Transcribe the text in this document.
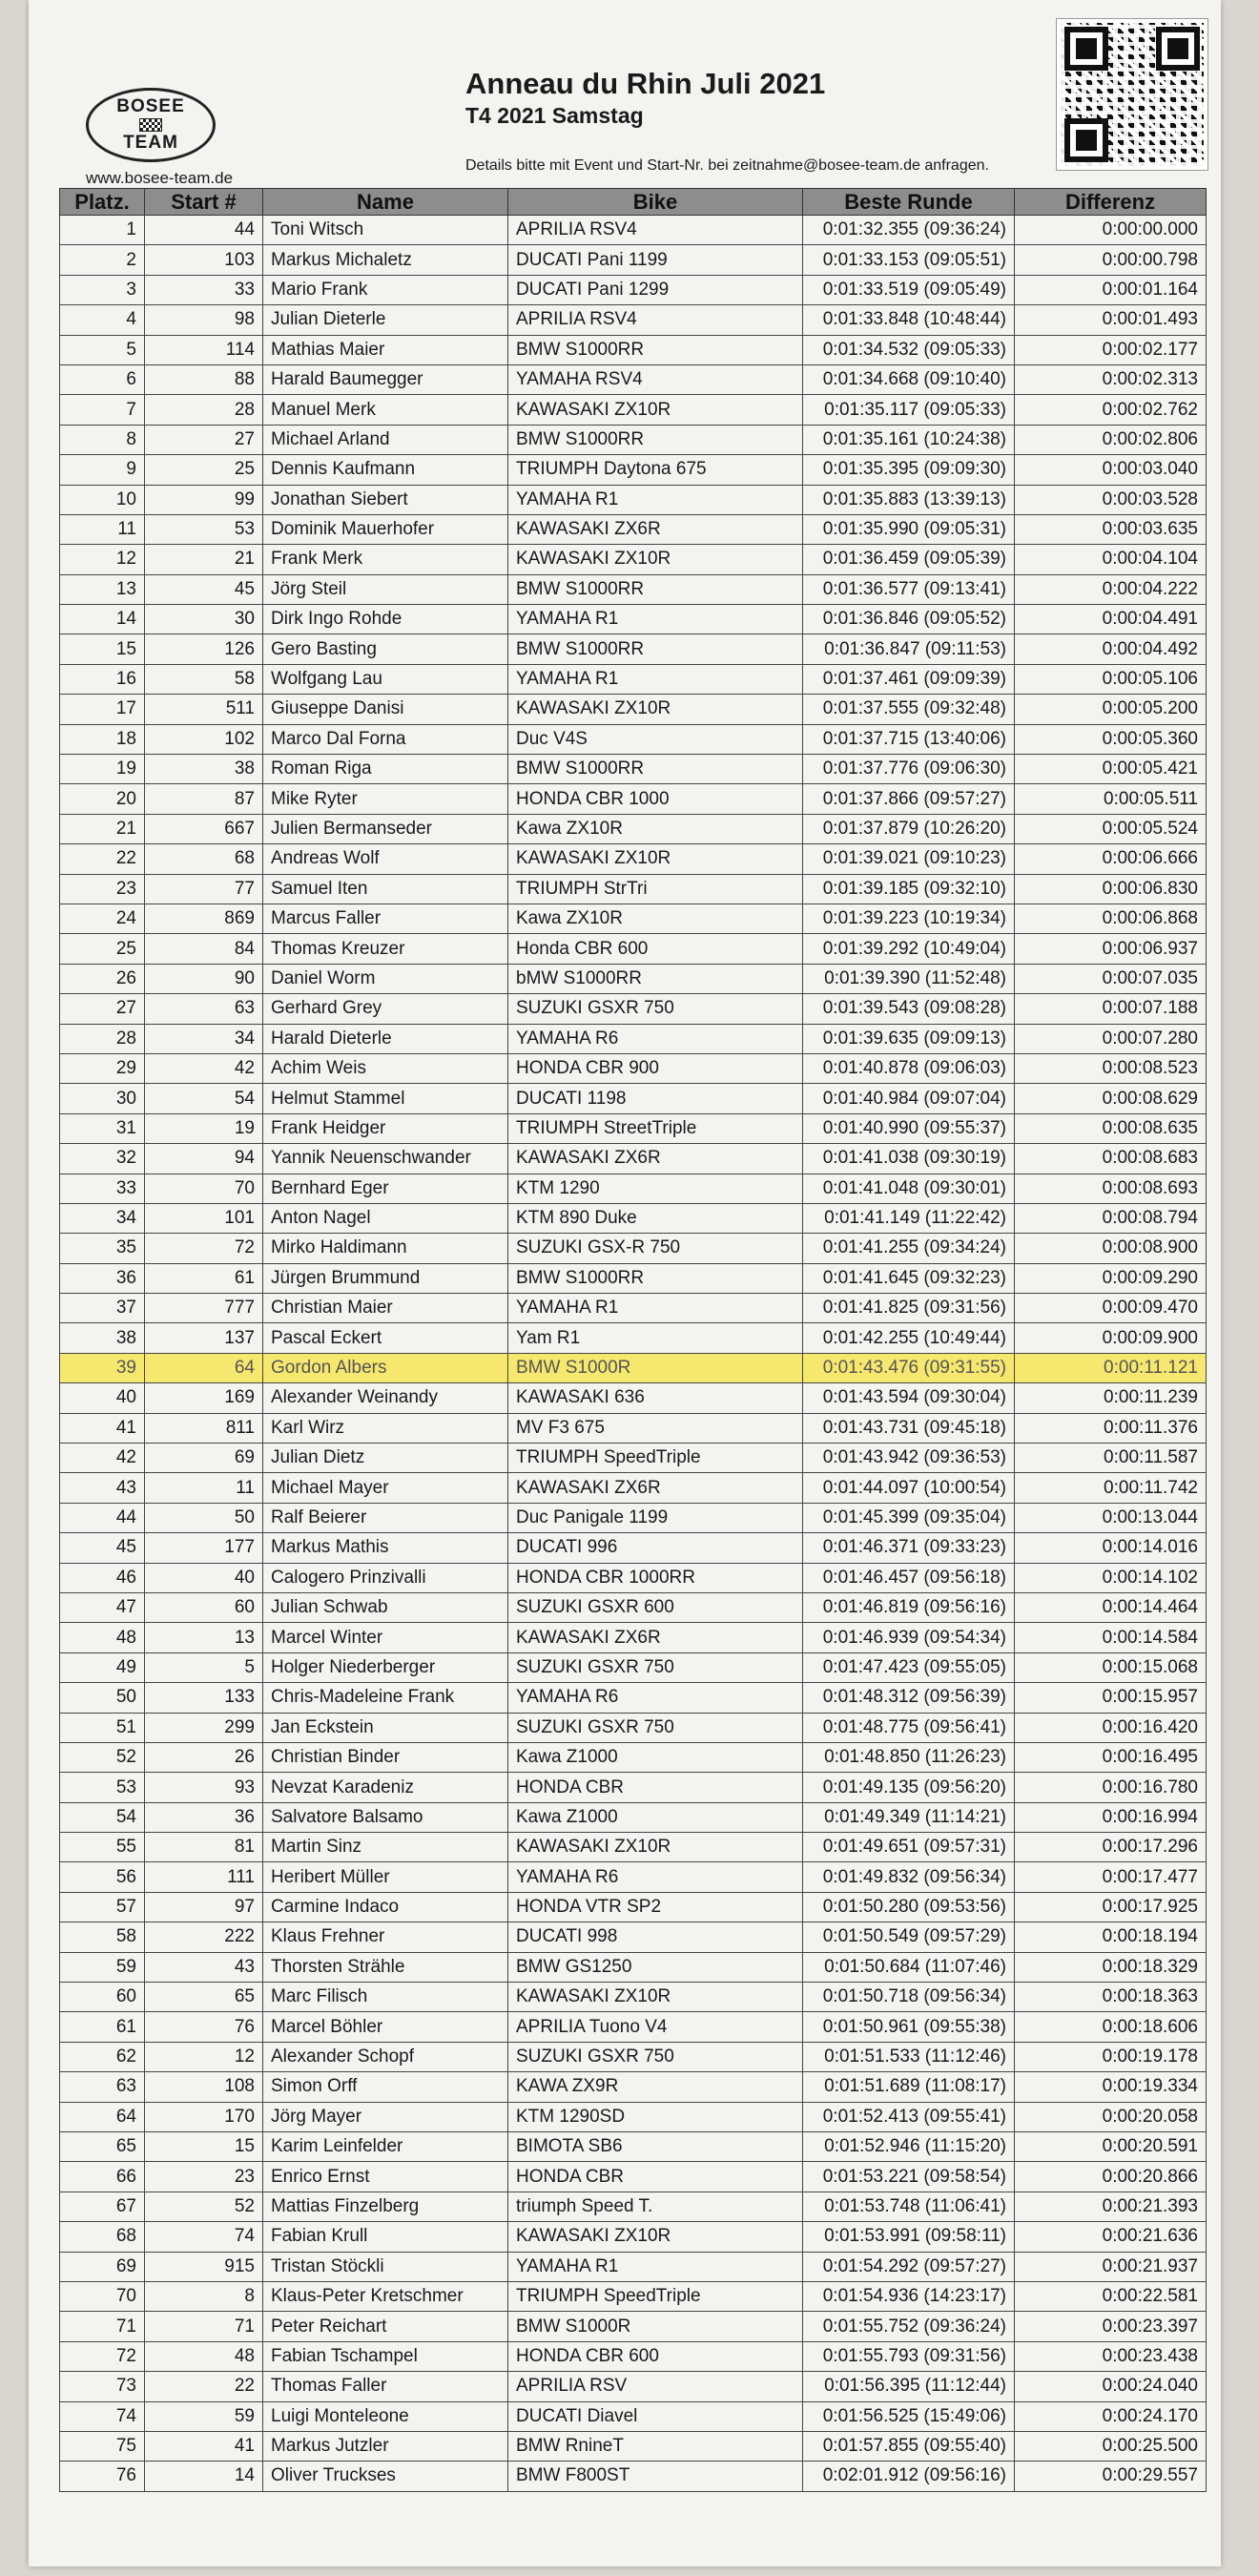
BOSEE
TEAM
www.bosee-team.de
Anneau du Rhin Juli 2021
T4 2021 Samstag
Details bitte mit Event und Start-Nr. bei zeitnahme@bosee-team.de anfragen.
Platz.	Start #	Name	Bike	Beste Runde	Differenz
1	44	Toni Witsch	APRILIA RSV4	0:01:32.355 (09:36:24)	0:00:00.000
2	103	Markus Michaletz	DUCATI Pani 1199	0:01:33.153 (09:05:51)	0:00:00.798
3	33	Mario Frank	DUCATI Pani 1299	0:01:33.519 (09:05:49)	0:00:01.164
4	98	Julian Dieterle	APRILIA RSV4	0:01:33.848 (10:48:44)	0:00:01.493
5	114	Mathias Maier	BMW S1000RR	0:01:34.532 (09:05:33)	0:00:02.177
6	88	Harald Baumegger	YAMAHA RSV4	0:01:34.668 (09:10:40)	0:00:02.313
7	28	Manuel Merk	KAWASAKI ZX10R	0:01:35.117 (09:05:33)	0:00:02.762
8	27	Michael Arland	BMW S1000RR	0:01:35.161 (10:24:38)	0:00:02.806
9	25	Dennis Kaufmann	TRIUMPH Daytona 675	0:01:35.395 (09:09:30)	0:00:03.040
10	99	Jonathan Siebert	YAMAHA R1	0:01:35.883 (13:39:13)	0:00:03.528
11	53	Dominik Mauerhofer	KAWASAKI ZX6R	0:01:35.990 (09:05:31)	0:00:03.635
12	21	Frank Merk	KAWASAKI ZX10R	0:01:36.459 (09:05:39)	0:00:04.104
13	45	Jörg Steil	BMW S1000RR	0:01:36.577 (09:13:41)	0:00:04.222
14	30	Dirk Ingo Rohde	YAMAHA R1	0:01:36.846 (09:05:52)	0:00:04.491
15	126	Gero Basting	BMW S1000RR	0:01:36.847 (09:11:53)	0:00:04.492
16	58	Wolfgang Lau	YAMAHA R1	0:01:37.461 (09:09:39)	0:00:05.106
17	511	Giuseppe Danisi	KAWASAKI ZX10R	0:01:37.555 (09:32:48)	0:00:05.200
18	102	Marco Dal Forna	Duc V4S	0:01:37.715 (13:40:06)	0:00:05.360
19	38	Roman Riga	BMW S1000RR	0:01:37.776 (09:06:30)	0:00:05.421
20	87	Mike Ryter	HONDA CBR 1000	0:01:37.866 (09:57:27)	0:00:05.511
21	667	Julien Bermanseder	Kawa ZX10R	0:01:37.879 (10:26:20)	0:00:05.524
22	68	Andreas Wolf	KAWASAKI ZX10R	0:01:39.021 (09:10:23)	0:00:06.666
23	77	Samuel Iten	TRIUMPH StrTri	0:01:39.185 (09:32:10)	0:00:06.830
24	869	Marcus Faller	Kawa ZX10R	0:01:39.223 (10:19:34)	0:00:06.868
25	84	Thomas Kreuzer	Honda CBR 600	0:01:39.292 (10:49:04)	0:00:06.937
26	90	Daniel Worm	bMW S1000RR	0:01:39.390 (11:52:48)	0:00:07.035
27	63	Gerhard Grey	SUZUKI GSXR 750	0:01:39.543 (09:08:28)	0:00:07.188
28	34	Harald Dieterle	YAMAHA R6	0:01:39.635 (09:09:13)	0:00:07.280
29	42	Achim Weis	HONDA CBR 900	0:01:40.878 (09:06:03)	0:00:08.523
30	54	Helmut Stammel	DUCATI 1198	0:01:40.984 (09:07:04)	0:00:08.629
31	19	Frank Heidger	TRIUMPH StreetTriple	0:01:40.990 (09:55:37)	0:00:08.635
32	94	Yannik Neuenschwander	KAWASAKI ZX6R	0:01:41.038 (09:30:19)	0:00:08.683
33	70	Bernhard Eger	KTM 1290	0:01:41.048 (09:30:01)	0:00:08.693
34	101	Anton Nagel	KTM 890 Duke	0:01:41.149 (11:22:42)	0:00:08.794
35	72	Mirko Haldimann	SUZUKI GSX-R 750	0:01:41.255 (09:34:24)	0:00:08.900
36	61	Jürgen Brummund	BMW S1000RR	0:01:41.645 (09:32:23)	0:00:09.290
37	777	Christian Maier	YAMAHA R1	0:01:41.825 (09:31:56)	0:00:09.470
38	137	Pascal Eckert	Yam R1	0:01:42.255 (10:49:44)	0:00:09.900
39	64	Gordon Albers	BMW S1000R	0:01:43.476 (09:31:55)	0:00:11.121
40	169	Alexander Weinandy	KAWASAKI 636	0:01:43.594 (09:30:04)	0:00:11.239
41	811	Karl Wirz	MV F3 675	0:01:43.731 (09:45:18)	0:00:11.376
42	69	Julian Dietz	TRIUMPH SpeedTriple	0:01:43.942 (09:36:53)	0:00:11.587
43	11	Michael Mayer	KAWASAKI ZX6R	0:01:44.097 (10:00:54)	0:00:11.742
44	50	Ralf Beierer	Duc Panigale 1199	0:01:45.399 (09:35:04)	0:00:13.044
45	177	Markus Mathis	DUCATI 996	0:01:46.371 (09:33:23)	0:00:14.016
46	40	Calogero Prinzivalli	HONDA CBR 1000RR	0:01:46.457 (09:56:18)	0:00:14.102
47	60	Julian Schwab	SUZUKI GSXR 600	0:01:46.819 (09:56:16)	0:00:14.464
48	13	Marcel Winter	KAWASAKI ZX6R	0:01:46.939 (09:54:34)	0:00:14.584
49	5	Holger Niederberger	SUZUKI GSXR 750	0:01:47.423 (09:55:05)	0:00:15.068
50	133	Chris-Madeleine Frank	YAMAHA R6	0:01:48.312 (09:56:39)	0:00:15.957
51	299	Jan Eckstein	SUZUKI GSXR 750	0:01:48.775 (09:56:41)	0:00:16.420
52	26	Christian Binder	Kawa Z1000	0:01:48.850 (11:26:23)	0:00:16.495
53	93	Nevzat Karadeniz	HONDA CBR	0:01:49.135 (09:56:20)	0:00:16.780
54	36	Salvatore Balsamo	Kawa Z1000	0:01:49.349 (11:14:21)	0:00:16.994
55	81	Martin Sinz	KAWASAKI ZX10R	0:01:49.651 (09:57:31)	0:00:17.296
56	111	Heribert Müller	YAMAHA R6	0:01:49.832 (09:56:34)	0:00:17.477
57	97	Carmine Indaco	HONDA VTR SP2	0:01:50.280 (09:53:56)	0:00:17.925
58	222	Klaus Frehner	DUCATI 998	0:01:50.549 (09:57:29)	0:00:18.194
59	43	Thorsten Strähle	BMW GS1250	0:01:50.684 (11:07:46)	0:00:18.329
60	65	Marc Filisch	KAWASAKI ZX10R	0:01:50.718 (09:56:34)	0:00:18.363
61	76	Marcel Böhler	APRILIA Tuono V4	0:01:50.961 (09:55:38)	0:00:18.606
62	12	Alexander Schopf	SUZUKI GSXR 750	0:01:51.533 (11:12:46)	0:00:19.178
63	108	Simon Orff	KAWA ZX9R	0:01:51.689 (11:08:17)	0:00:19.334
64	170	Jörg Mayer	KTM 1290SD	0:01:52.413 (09:55:41)	0:00:20.058
65	15	Karim Leinfelder	BIMOTA SB6	0:01:52.946 (11:15:20)	0:00:20.591
66	23	Enrico Ernst	HONDA CBR	0:01:53.221 (09:58:54)	0:00:20.866
67	52	Mattias Finzelberg	triumph Speed T.	0:01:53.748 (11:06:41)	0:00:21.393
68	74	Fabian Krull	KAWASAKI ZX10R	0:01:53.991 (09:58:11)	0:00:21.636
69	915	Tristan Stöckli	YAMAHA R1	0:01:54.292 (09:57:27)	0:00:21.937
70	8	Klaus-Peter Kretschmer	TRIUMPH SpeedTriple	0:01:54.936 (14:23:17)	0:00:22.581
71	71	Peter Reichart	BMW S1000R	0:01:55.752 (09:36:24)	0:00:23.397
72	48	Fabian Tschampel	HONDA CBR 600	0:01:55.793 (09:31:56)	0:00:23.438
73	22	Thomas Faller	APRILIA RSV	0:01:56.395 (11:12:44)	0:00:24.040
74	59	Luigi Monteleone	DUCATI Diavel	0:01:56.525 (15:49:06)	0:00:24.170
75	41	Markus Jutzler	BMW RnineT	0:01:57.855 (09:55:40)	0:00:25.500
76	14	Oliver Truckses	BMW F800ST	0:02:01.912 (09:56:16)	0:00:29.557
